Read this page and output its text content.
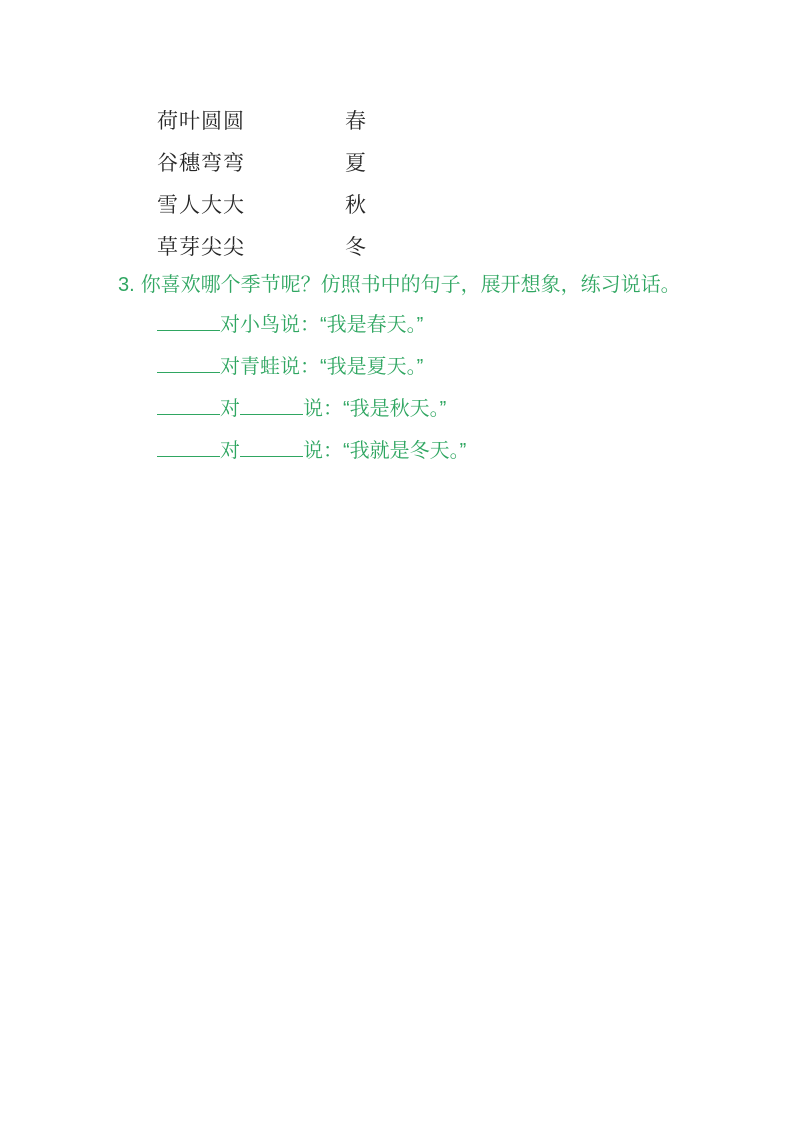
荷叶圆圆	春
谷穗弯弯	夏
雪人大大	秋
草芽尖尖	冬
3. 你喜欢哪个季节呢？仿照书中的句子，展开想象，练习说话。
对小鸟说：“我是春天。”
对青蛙说：“我是夏天。”
对	说：“我是秋天。”
对	说：“我就是冬天。”
